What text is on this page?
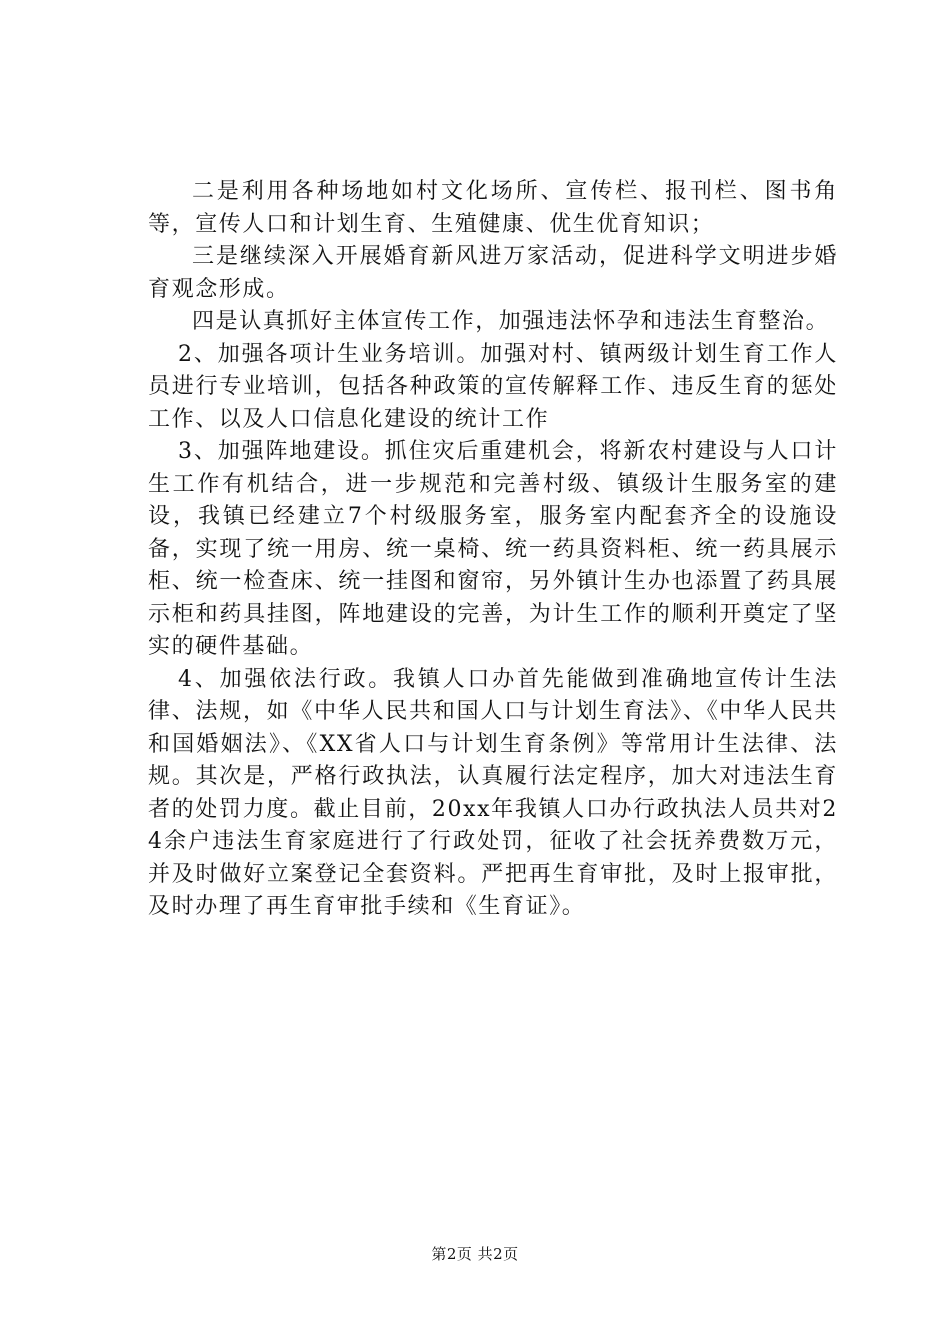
二是利用各种场地如村文化场所、宣传栏、报刊栏、图书角等，宣传人口和计划生育、生殖健康、优生优育知识；

三是继续深入开展婚育新风进万家活动，促进科学文明进步婚育观念形成。

四是认真抓好主体宣传工作，加强违法怀孕和违法生育整治。

2、加强各项计生业务培训。加强对村、镇两级计划生育工作人员进行专业培训，包括各种政策的宣传解释工作、违反生育的惩处工作、以及人口信息化建设的统计工作

3、加强阵地建设。抓住灾后重建机会，将新农村建设与人口计生工作有机结合，进一步规范和完善村级、镇级计生服务室的建设，我镇已经建立7个村级服务室，服务室内配套齐全的设施设备，实现了统一用房、统一桌椅、统一药具资料柜、统一药具展示柜、统一检查床、统一挂图和窗帘，另外镇计生办也添置了药具展示柜和药具挂图，阵地建设的完善，为计生工作的顺利开奠定了坚实的硬件基础。

4、加强依法行政。我镇人口办首先能做到准确地宣传计生法律、法规，如《中华人民共和国人口与计划生育法》、《中华人民共和国婚姻法》、《XX省人口与计划生育条例》等常用计生法律、法规。其次是，严格行政执法，认真履行法定程序，加大对违法生育者的处罚力度。截止目前，20xx年我镇人口办行政执法人员共对24余户违法生育家庭进行了行政处罚，征收了社会抚养费数万元，并及时做好立案登记全套资料。严把再生育审批，及时上报审批，及时办理了再生育审批手续和《生育证》。

第2页 共2页
